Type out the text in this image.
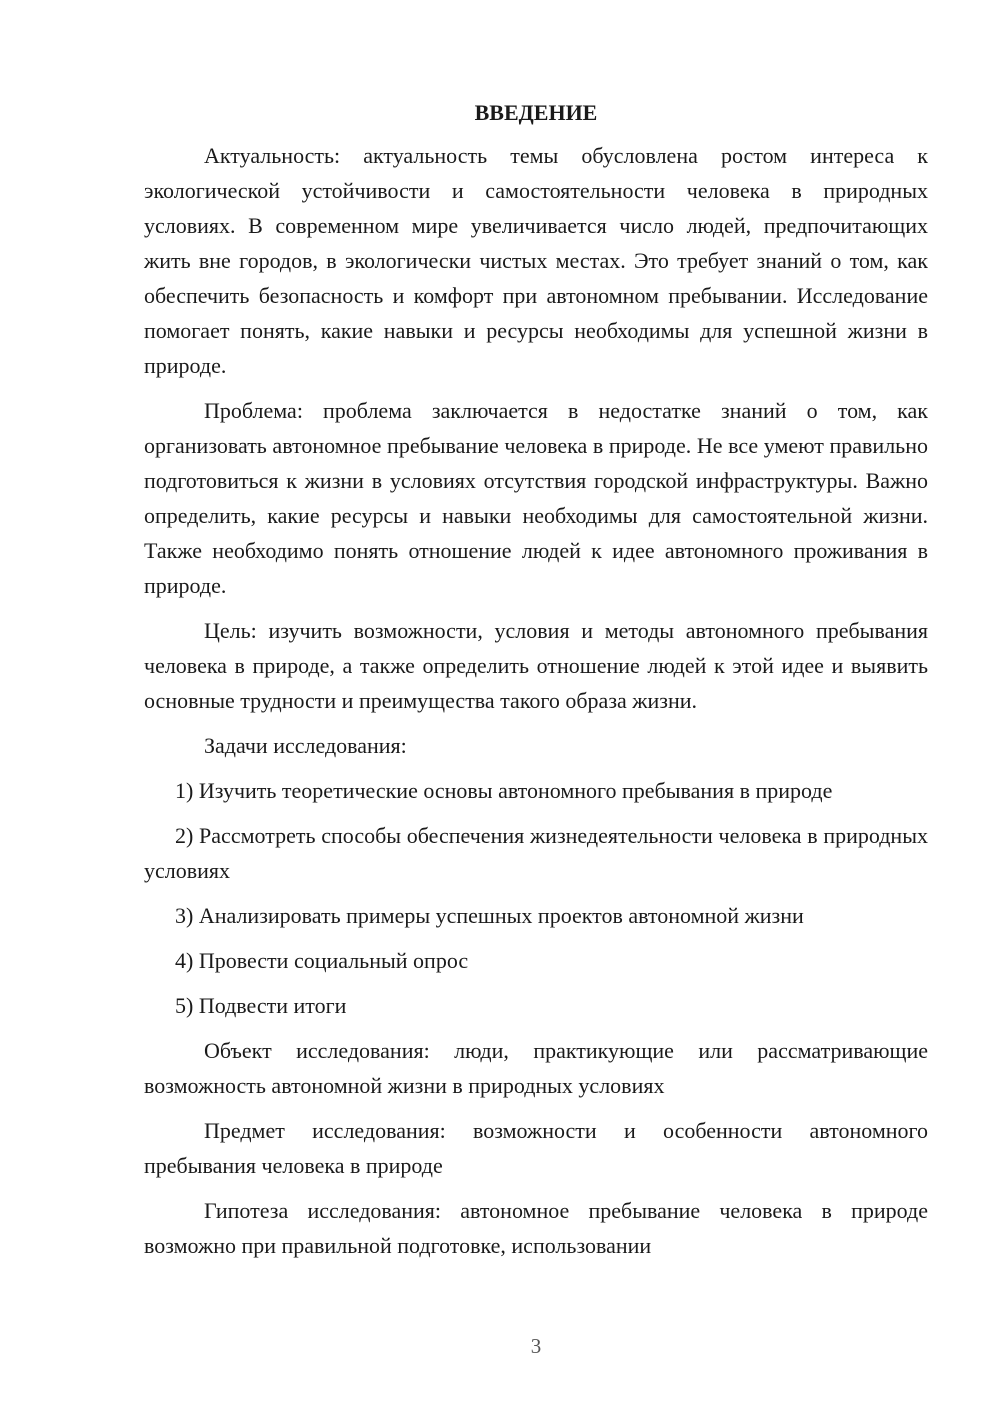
ВВЕДЕНИЕ

Актуальность: актуальность темы обусловлена ростом интереса к экологической устойчивости и самостоятельности человека в природных условиях. В современном мире увеличивается число людей, предпочитающих жить вне городов, в экологически чистых местах. Это требует знаний о том, как обеспечить безопасность и комфорт при автономном пребывании. Исследование помогает понять, какие навыки и ресурсы необходимы для успешной жизни в природе.

Проблема: проблема заключается в недостатке знаний о том, как организовать автономное пребывание человека в природе. Не все умеют правильно подготовиться к жизни в условиях отсутствия городской инфраструктуры. Важно определить, какие ресурсы и навыки необходимы для самостоятельной жизни. Также необходимо понять отношение людей к идее автономного проживания в природе.

Цель: изучить возможности, условия и методы автономного пребывания человека в природе, а также определить отношение людей к этой идее и выявить основные трудности и преимущества такого образа жизни.

Задачи исследования:

1) Изучить теоретические основы автономного пребывания в природе

2) Рассмотреть способы обеспечения жизнедеятельности человека в природных условиях

3) Анализировать примеры успешных проектов автономной жизни

4) Провести социальный опрос

5) Подвести итоги

Объект исследования: люди, практикующие или рассматривающие возможность автономной жизни в природных условиях

Предмет исследования: возможности и особенности автономного пребывания человека в природе

Гипотеза исследования: автономное пребывание человека в природе возможно при правильной подготовке, использовании

3
